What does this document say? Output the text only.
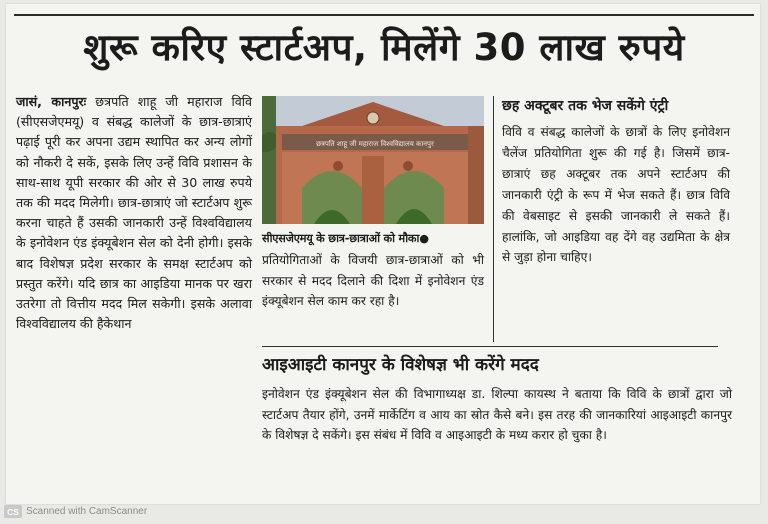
शुरू करिए स्टार्टअप, मिलेंगे 30 लाख रुपये
जासं, कानपुरः छत्रपति शाहू जी महाराज विवि (सीएसजेएमयू) व संबद्ध कालेजों के छात्र-छात्राएं पढ़ाई पूरी कर अपना उद्यम स्थापित कर अन्य लोगों को नौकरी दे सकें, इसके लिए उन्हें विवि प्रशासन के साथ-साथ यूपी सरकार की ओर से 30 लाख रुपये तक की मदद मिलेगी। छात्र-छात्राएं जो स्टार्टअप शुरू करना चाहते हैं उसकी जानकारी उन्हें विश्वविद्यालय के इनोवेशन एंड इंक्यूबेशन सेल को देनी होगी। इसके बाद विशेषज्ञ प्रदेश सरकार के समक्ष स्टार्टअप को प्रस्तुत करेंगे। यदि छात्र का आइडिया मानक पर खरा उतरेगा तो वित्तीय मदद मिल सकेगी। इसके अलावा विश्वविद्यालय की हैकेथान
छत्रपति शाहू जी महाराज विश्वविद्यालय कानपुर
सीएसजेएमयू के छात्र-छात्राओं को मौका●
प्रतियोगिताओं के विजयी छात्र-छात्राओं को भी सरकार से मदद दिलाने की दिशा में इनोवेशन एंड इंक्यूबेशन सेल काम कर रहा है।
छह अक्टूबर तक भेज सकेंगे एंट्री
विवि व संबद्ध कालेजों के छात्रों के लिए इनोवेशन चैलेंज प्रतियोगिता शुरू की गई है। जिसमें छात्र-छात्राएं छह अक्टूबर तक अपने स्टार्टअप की जानकारी एंट्री के रूप में भेज सकते हैं। छात्र विवि की वेबसाइट से इसकी जानकारी ले सकते हैं। हालांकि, जो आइडिया वह देंगे वह उद्यमिता के क्षेत्र से जुड़ा होना चाहिए।
आइआइटी कानपुर के विशेषज्ञ भी करेंगे मदद
इनोवेशन एंड इंक्यूबेशन सेल की विभागाध्यक्ष डा. शिल्पा कायस्थ ने बताया कि विवि के छात्रों द्वारा जो स्टार्टअप तैयार होंगे, उनमें मार्केटिंग व आय का स्रोत कैसे बने। इस तरह की जानकारियां आइआइटी कानपुर के विशेषज्ञ दे सकेंगे। इस संबंध में विवि व आइआइटी के मध्य करार हो चुका है।
CS Scanned with CamScanner
